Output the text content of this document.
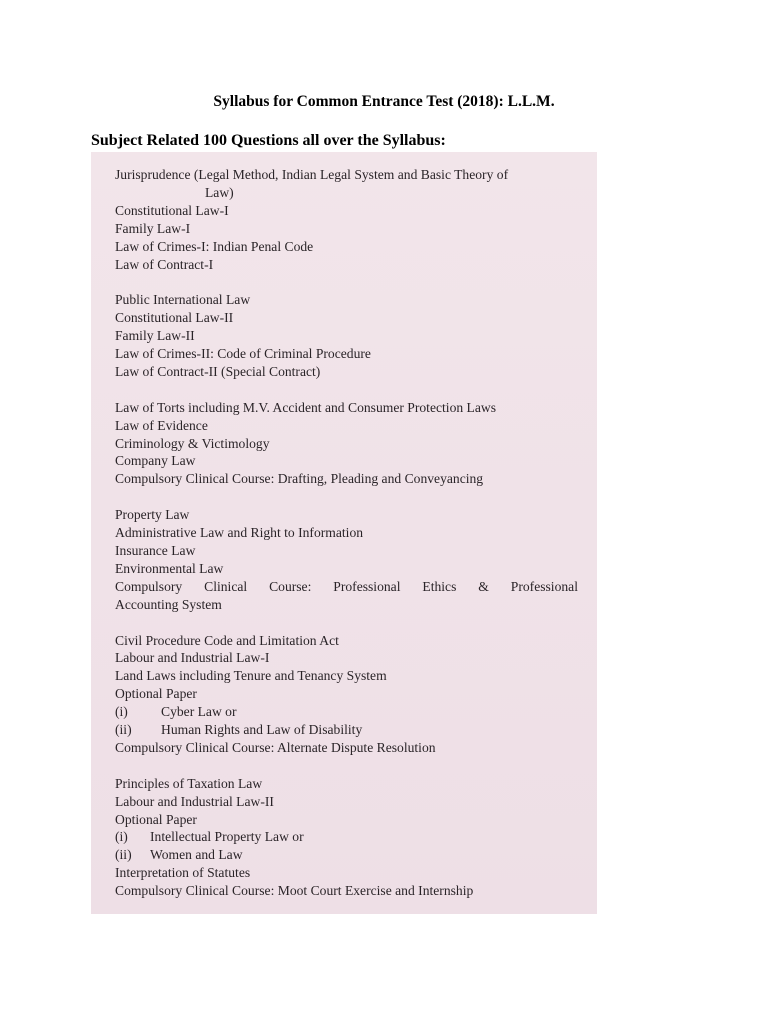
Syllabus for Common Entrance Test (2018): L.L.M.
Subject Related 100 Questions all over the Syllabus:
Jurisprudence (Legal Method, Indian Legal System and Basic Theory of
Law)
Constitutional Law-I
Family Law-I
Law of Crimes-I: Indian Penal Code
Law of Contract-I
Public International Law
Constitutional Law-II
Family Law-II
Law of Crimes-II: Code of Criminal Procedure
Law of Contract-II (Special Contract)
Law of Torts including M.V. Accident and Consumer Protection Laws
Law of Evidence
Criminology & Victimology
Company Law
Compulsory Clinical Course: Drafting, Pleading and Conveyancing
Property Law
Administrative Law and Right to Information
Insurance Law
Environmental Law
Compulsory Clinical Course: Professional Ethics & Professional
Accounting System
Civil Procedure Code and Limitation Act
Labour and Industrial Law-I
Land Laws including Tenure and Tenancy System
Optional Paper
(i) Cyber Law or
(ii) Human Rights and Law of Disability
Compulsory Clinical Course: Alternate Dispute Resolution
Principles of Taxation Law
Labour and Industrial Law-II
Optional Paper
(i) Intellectual Property Law or
(ii) Women and Law
Interpretation of Statutes
Compulsory Clinical Course: Moot Court Exercise and Internship
